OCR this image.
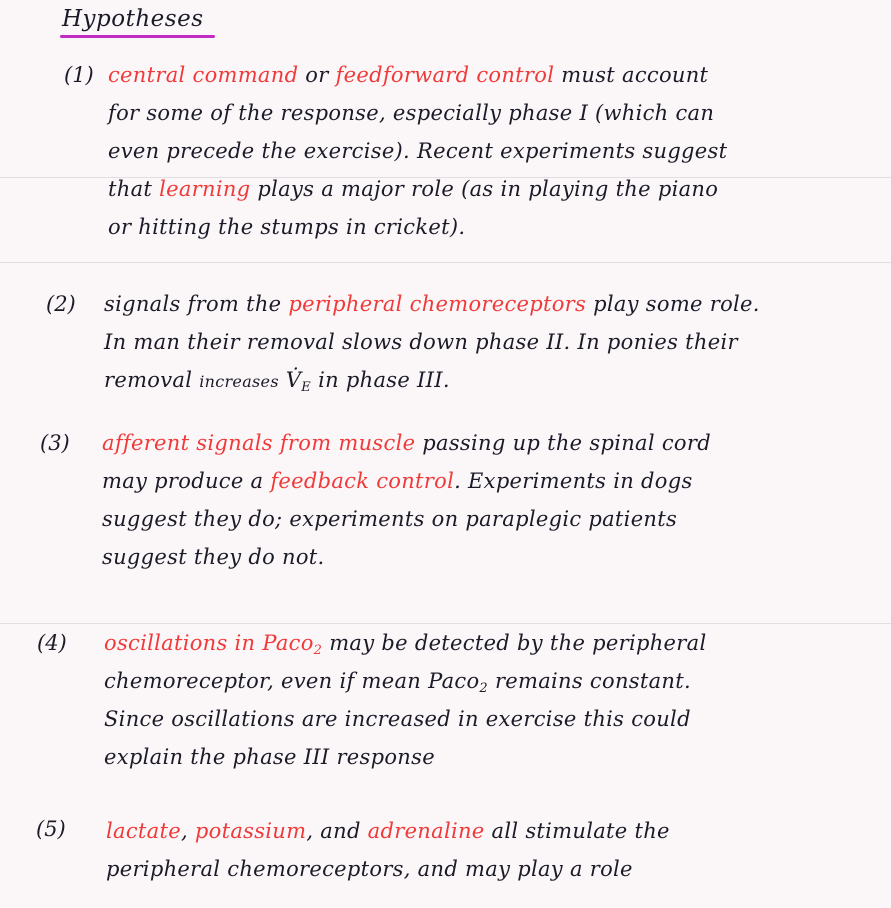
Hypotheses
(1) central command or feedforward control must account
for some of the response, especially phase I (which can
even precede the exercise). Recent experiments suggest
that learning plays a major role (as in playing the piano
or hitting the stumps in cricket).
(2) signals from the peripheral chemoreceptors play some role.
In man their removal slows down phase II. In ponies their
removal increases $V̇_E$ in phase III.
(3) afferent signals from muscle passing up the spinal cord
may produce a feedback control. Experiments in dogs
suggest they do; experiments on paraplegic patients
suggest they do not.
(4) oscillations in Paco$_2$ may be detected by the peripheral
chemoreceptor, even if mean Paco$_2$ remains constant.
Since oscillations are increased in exercise this could
explain the phase III response
(5) lactate, potassium, and adrenaline all stimulate the
peripheral chemoreceptors, and may play a role
